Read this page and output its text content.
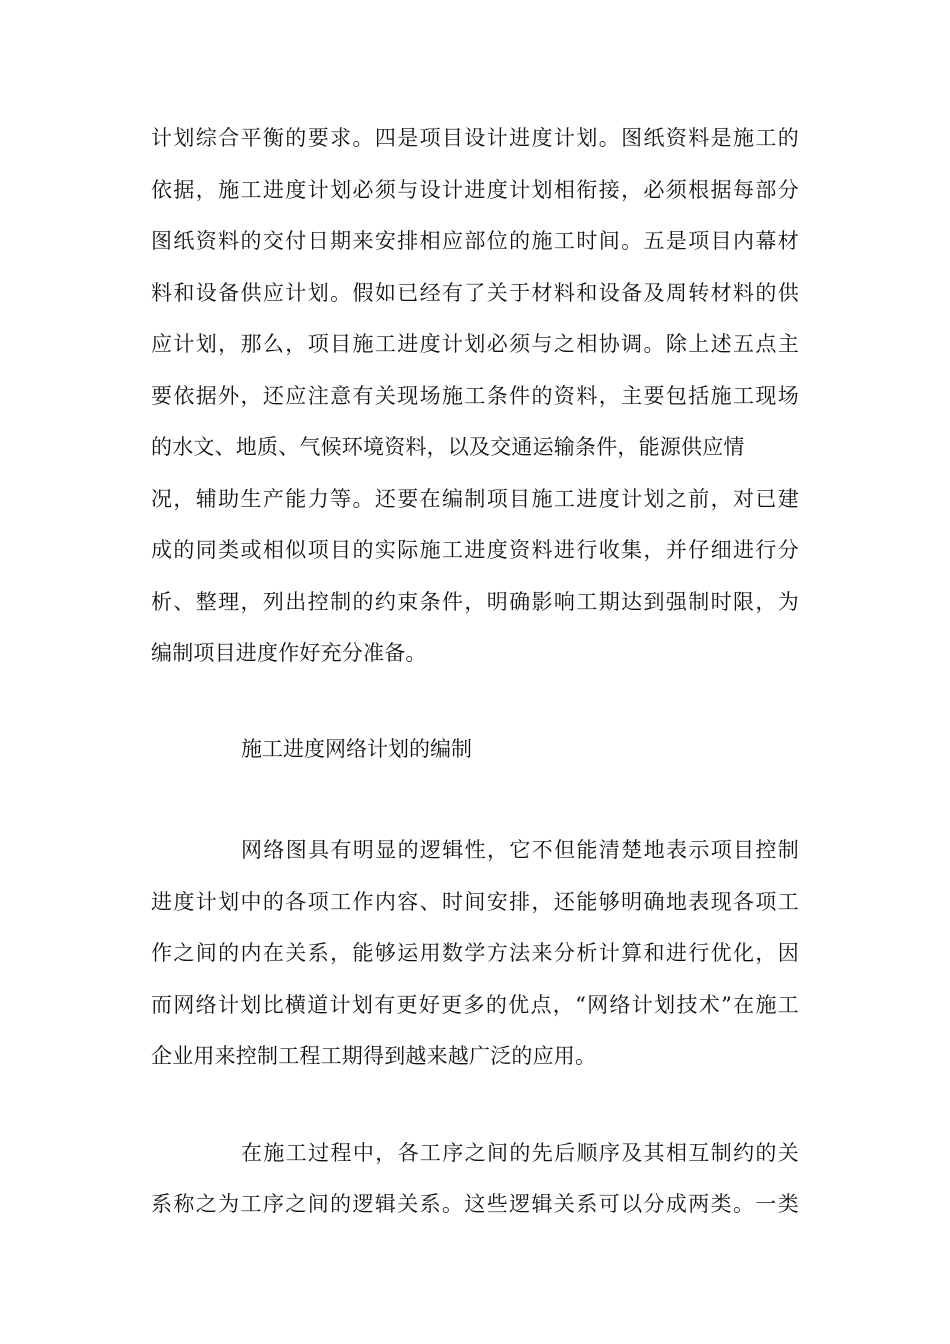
计划综合平衡的要求。四是项目设计进度计划。图纸资料是施工的
依据，施工进度计划必须与设计进度计划相衔接，必须根据每部分
图纸资料的交付日期来安排相应部位的施工时间。五是项目内幕材
料和设备供应计划。假如已经有了关于材料和设备及周转材料的供
应计划，那么，项目施工进度计划必须与之相协调。除上述五点主
要依据外，还应注意有关现场施工条件的资料，主要包括施工现场
的水文、地质、气候环境资料，以及交通运输条件，能源供应情
况，辅助生产能力等。还要在编制项目施工进度计划之前，对已建
成的同类或相似项目的实际施工进度资料进行收集，并仔细进行分
析、整理，列出控制的约束条件，明确影响工期达到强制时限，为
编制项目进度作好充分准备。
施工进度网络计划的编制
网络图具有明显的逻辑性，它不但能清楚地表示项目控制
进度计划中的各项工作内容、时间安排，还能够明确地表现各项工
作之间的内在关系，能够运用数学方法来分析计算和进行优化，因
而网络计划比横道计划有更好更多的优点，“网络计划技术”在施工
企业用来控制工程工期得到越来越广泛的应用。
在施工过程中，各工序之间的先后顺序及其相互制约的关
系称之为工序之间的逻辑关系。这些逻辑关系可以分成两类。一类
